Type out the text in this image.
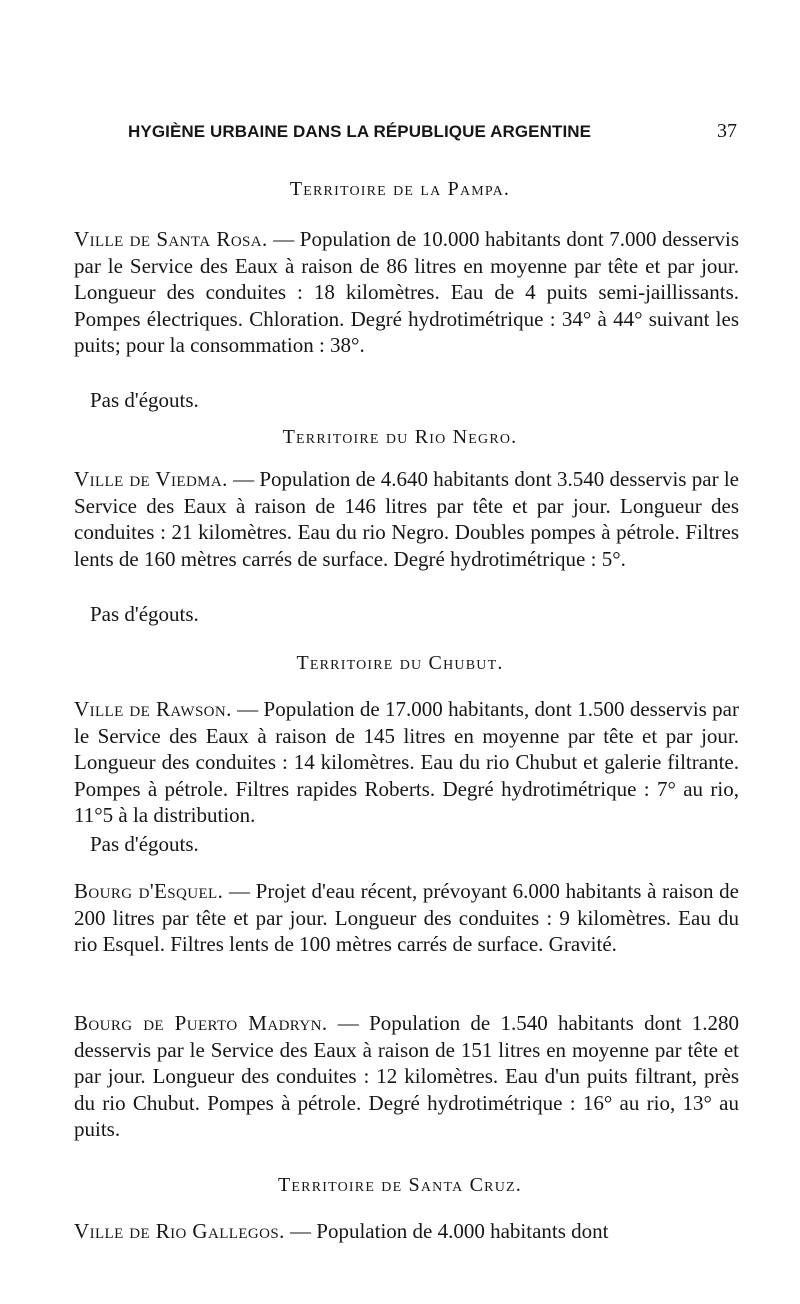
HYGIÈNE URBAINE DANS LA RÉPUBLIQUE ARGENTINE	37
Territoire de la Pampa.

Ville de Santa Rosa. — Population de 10.000 habitants dont 7.000 desservis par le Service des Eaux à raison de 86 litres en moyenne par tête et par jour. Longueur des conduites : 18 kilomètres. Eau de 4 puits semi-jaillissants. Pompes électriques. Chloration. Degré hydrotimétrique : 34° à 44° suivant les puits; pour la consommation : 38°.

Pas d'égouts.
Territoire du Rio Negro.

Ville de Viedma. — Population de 4.640 habitants dont 3.540 desservis par le Service des Eaux à raison de 146 litres par tête et par jour. Longueur des conduites : 21 kilomètres. Eau du rio Negro. Doubles pompes à pétrole. Filtres lents de 160 mètres carrés de surface. Degré hydrotimétrique : 5°.

Pas d'égouts.
Territoire du Chubut.

Ville de Rawson. — Population de 17.000 habitants, dont 1.500 desservis par le Service des Eaux à raison de 145 litres en moyenne par tête et par jour. Longueur des conduites : 14 kilomètres. Eau du rio Chubut et galerie filtrante. Pompes à pétrole. Filtres rapides Roberts. Degré hydrotimétrique : 7° au rio, 11°5 à la distribution.

Pas d'égouts.

Bourg d'Esquel. — Projet d'eau récent, prévoyant 6.000 habitants à raison de 200 litres par tête et par jour. Longueur des conduites : 9 kilomètres. Eau du rio Esquel. Filtres lents de 100 mètres carrés de surface. Gravité.

Bourg de Puerto Madryn. — Population de 1.540 habitants dont 1.280 desservis par le Service des Eaux à raison de 151 litres en moyenne par tête et par jour. Longueur des conduites : 12 kilomètres. Eau d'un puits filtrant, près du rio Chubut. Pompes à pétrole. Degré hydrotimétrique : 16° au rio, 13° au puits.

Territoire de Santa Cruz.

Ville de Rio Gallegos. — Population de 4.000 habitants dont
